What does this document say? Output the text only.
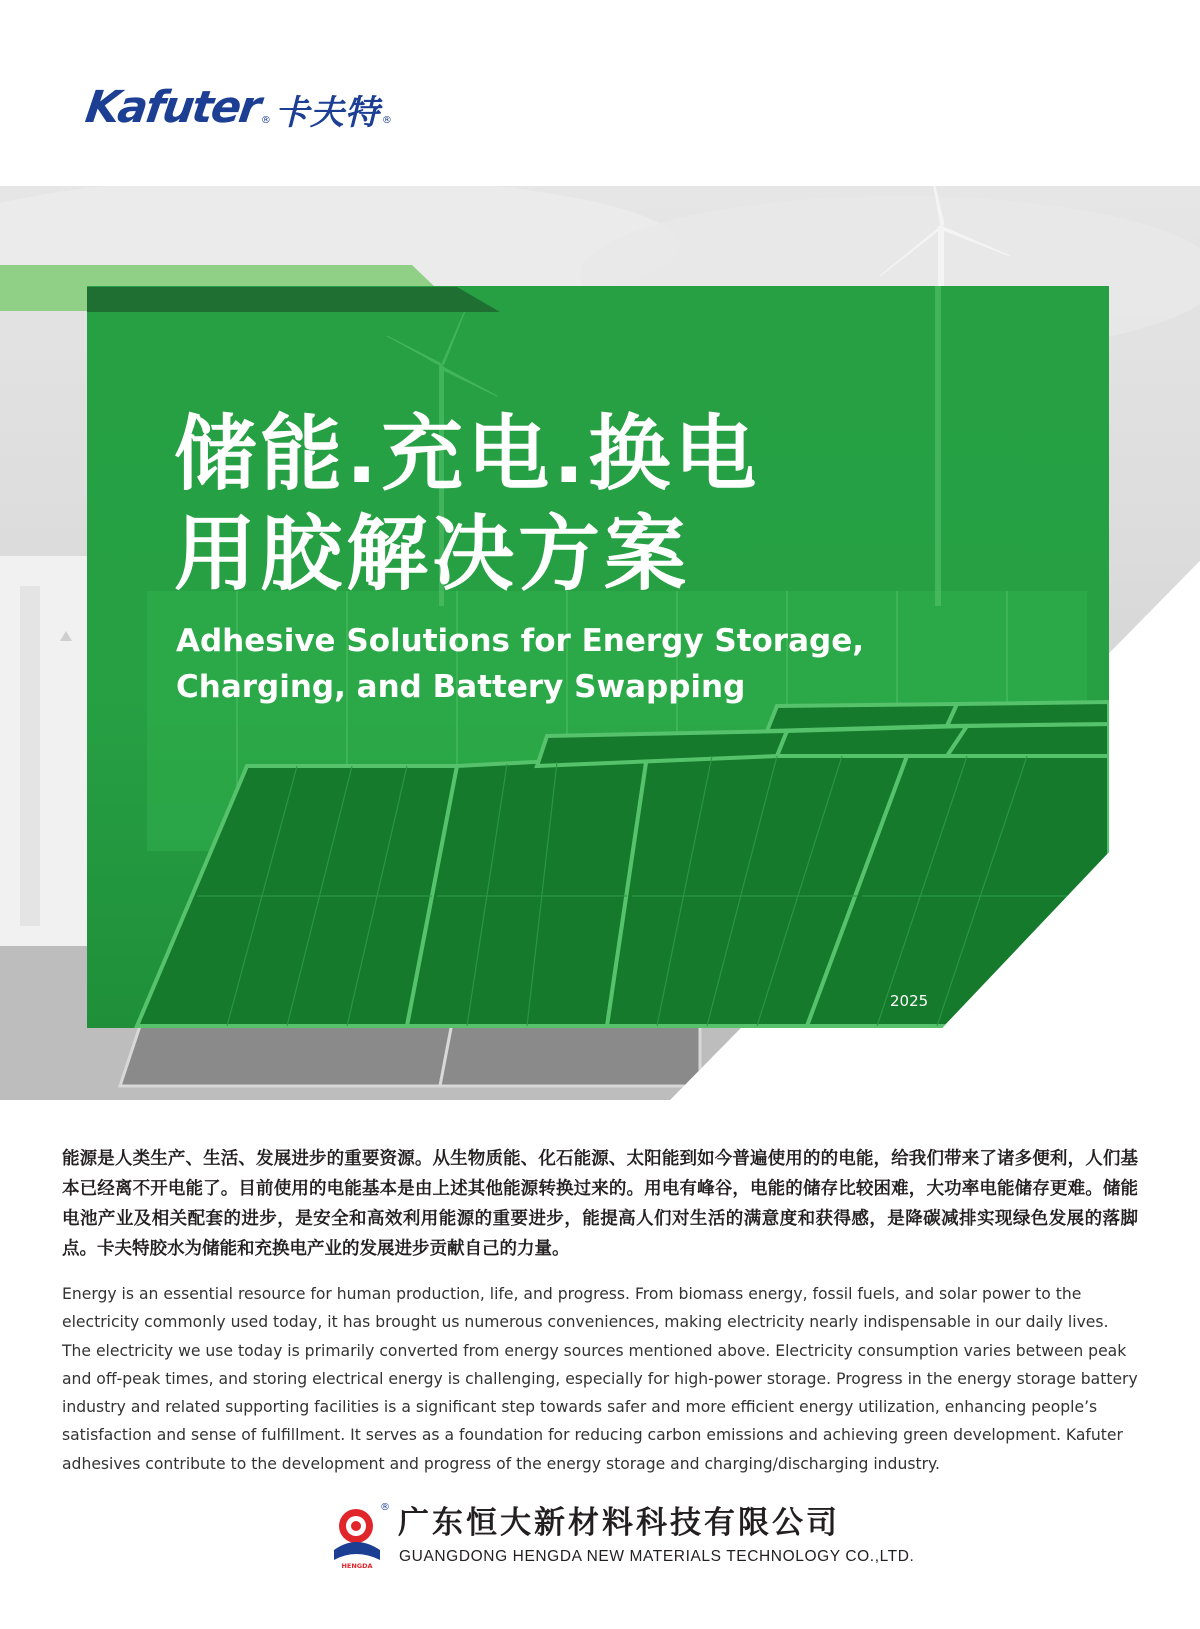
Kafuter
® 卡夫特 ®
储能.充电.换电
用胶解决方案
Adhesive Solutions for Energy Storage,
Charging, and Battery Swapping
2025

能源是人类生产、生活、发展进步的重要资源。从生物质能、化石能源、太阳能到如今普遍使用的的电能，给我们带来了诸多便利，人们基本已经离不开电能了。目前使用的电能基本是由上述其他能源转换过来的。用电有峰谷，电能的储存比较困难，大功率电能储存更难。储能电池产业及相关配套的进步，是安全和高效利用能源的重要进步，能提高人们对生活的满意度和获得感，是降碳减排实现绿色发展的落脚点。卡夫特胶水为储能和充换电产业的发展进步贡献自己的力量。

Energy is an essential resource for human production, life, and progress. From biomass energy, fossil fuels, and solar power to the electricity commonly used today, it has brought us numerous conveniences, making electricity nearly indispensable in our daily lives. The electricity we use today is primarily converted from energy sources mentioned above. Electricity consumption varies between peak and off-peak times, and storing electrical energy is challenging, especially for high-power storage. Progress in the energy storage battery industry and related supporting facilities is a significant step towards safer and more efficient energy utilization, enhancing people’s satisfaction and sense of fulfillment. It serves as a foundation for reducing carbon emissions and achieving green development. Kafuter adhesives contribute to the development and progress of the energy storage and charging/discharging industry.

®
HENGDA
广东恒大新材料科技有限公司
GUANGDONG HENGDA NEW MATERIALS TECHNOLOGY CO.,LTD.
